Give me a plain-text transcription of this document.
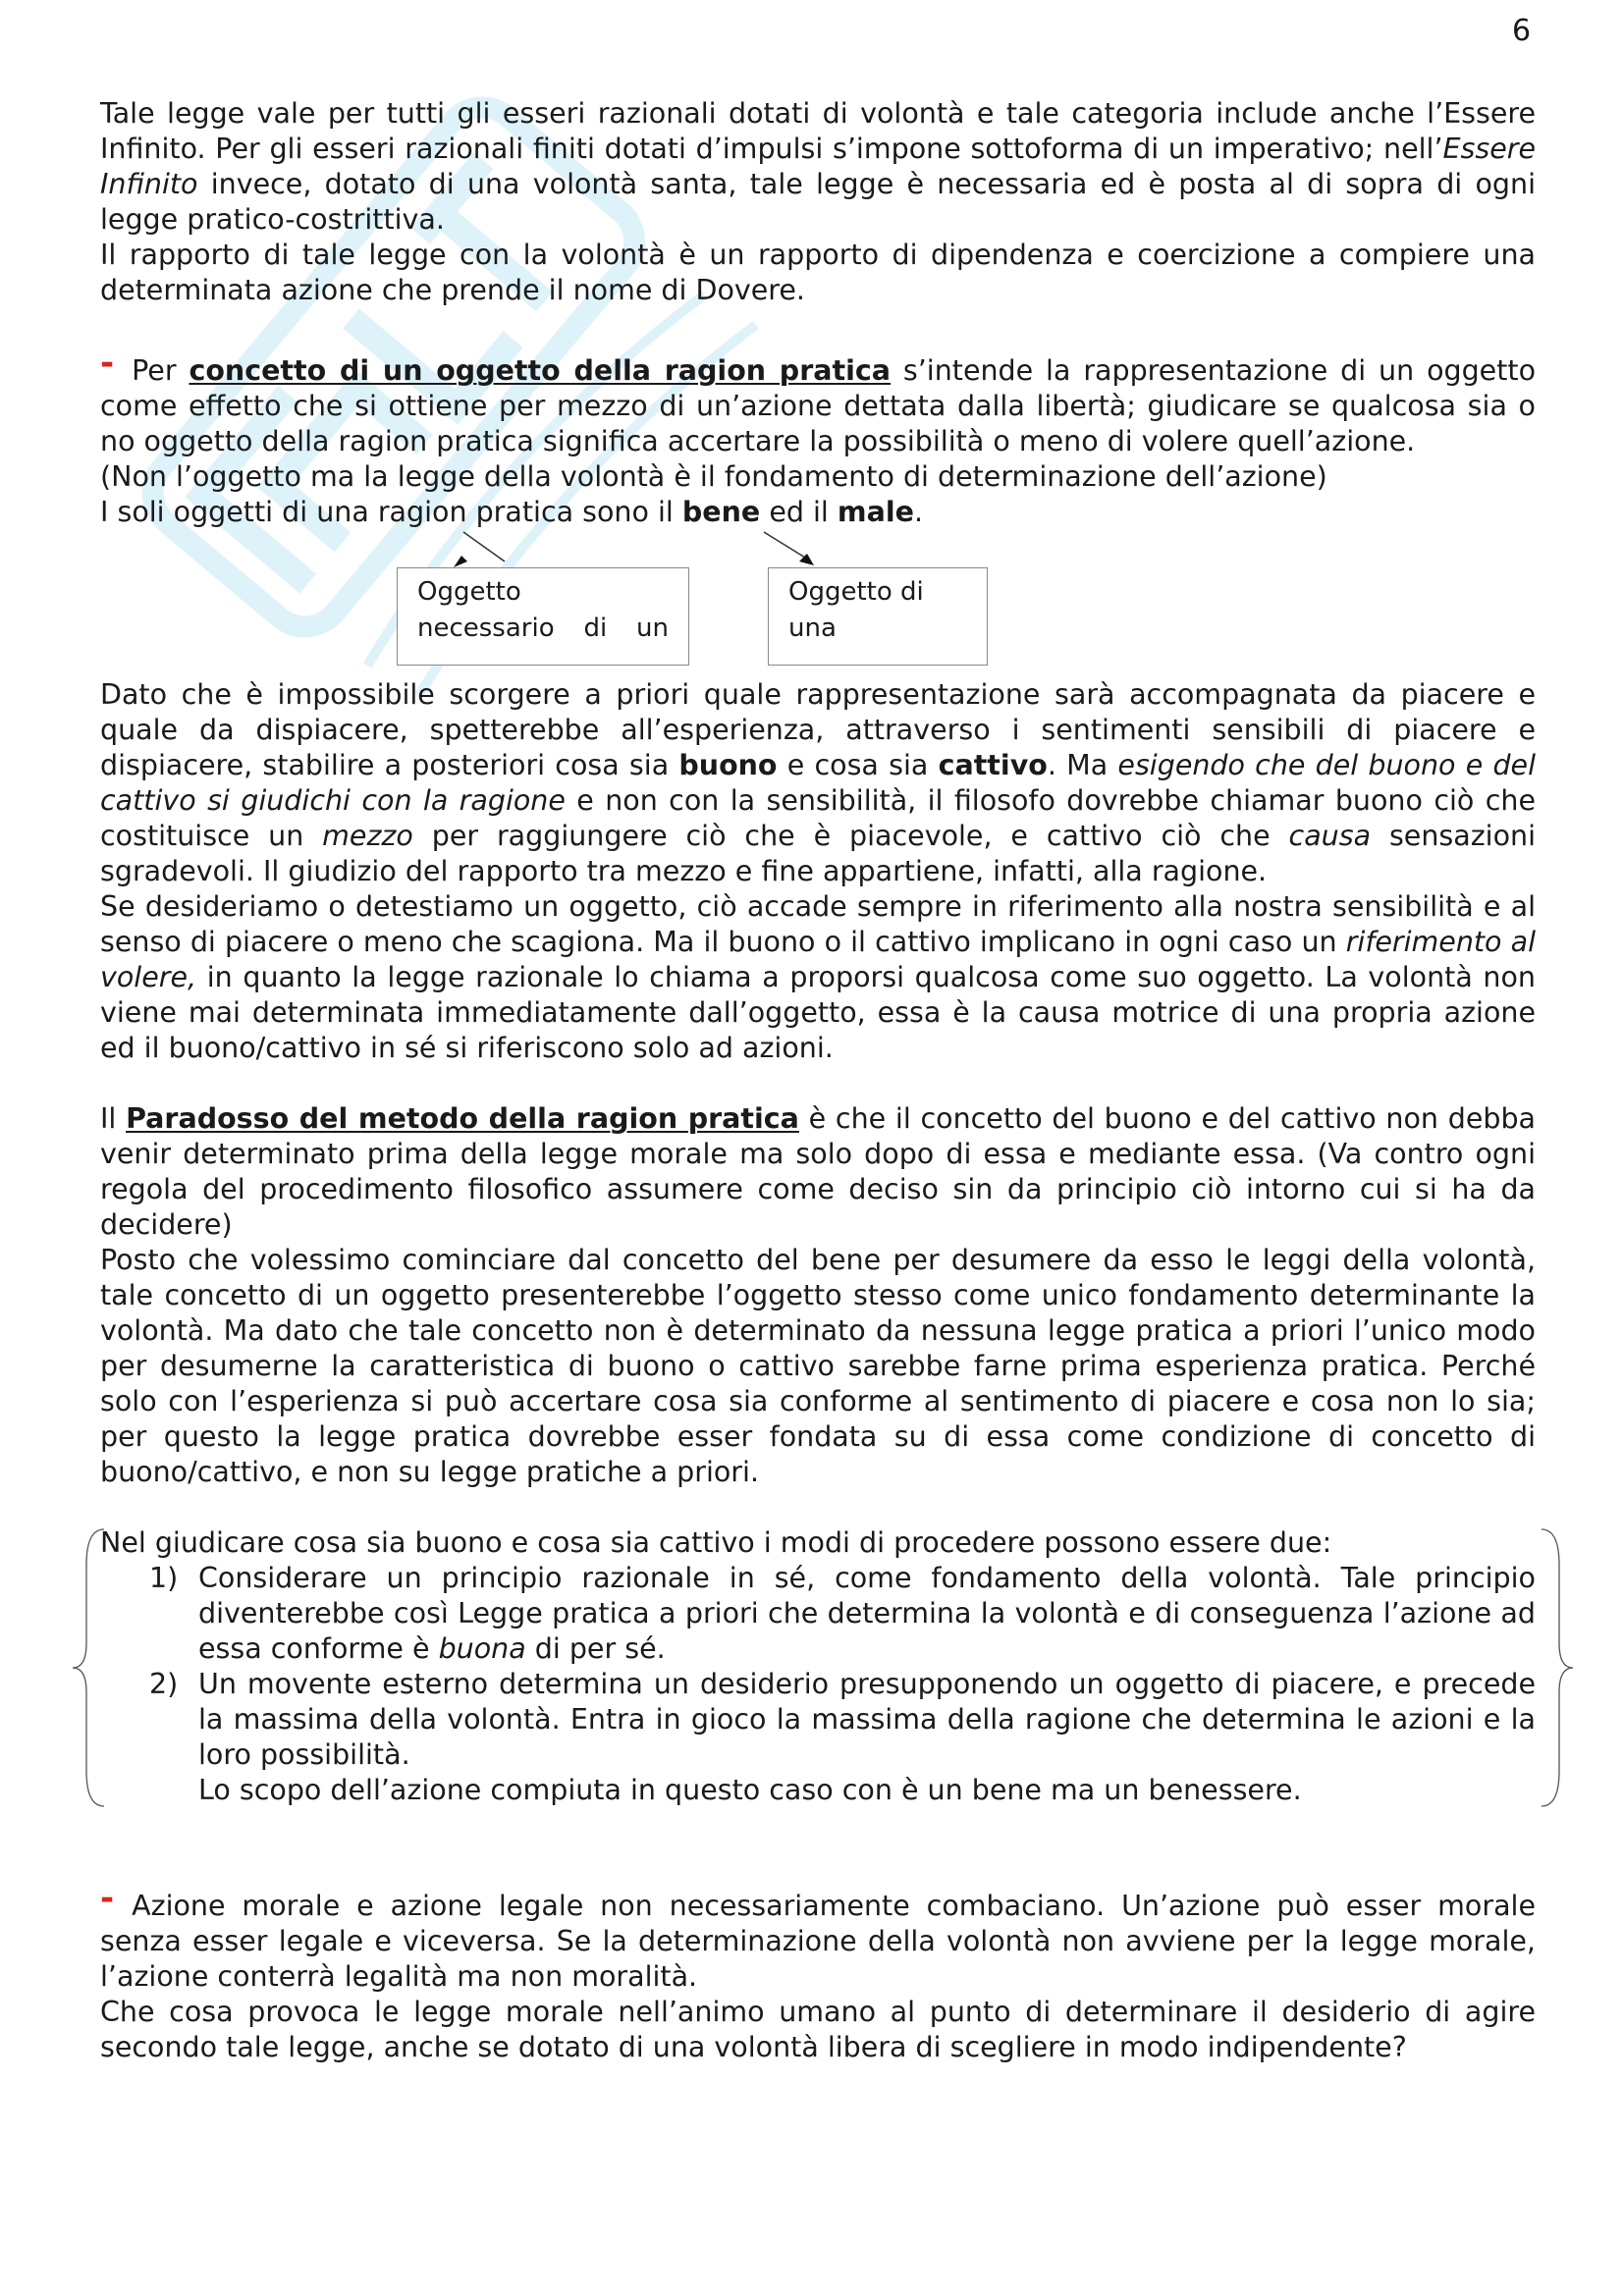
6

Tale legge vale per tutti gli esseri razionali dotati di volontà e tale categoria include anche l’Essere Infinito. Per gli esseri razionali finiti dotati d’impulsi s’impone sottoforma di un imperativo; nell’Essere Infinito invece, dotato di una volontà santa, tale legge è necessaria ed è posta al di sopra di ogni legge pratico-costrittiva.

Il rapporto di tale legge con la volontà è un rapporto di dipendenza e coercizione a compiere una determinata azione che prende il nome di Dovere.

- Per concetto di un oggetto della ragion pratica s’intende la rappresentazione di un oggetto come effetto che si ottiene per mezzo di un’azione dettata dalla libertà; giudicare se qualcosa sia o no oggetto della ragion pratica significa accertare la possibilità o meno di volere quell’azione.

(Non l’oggetto ma la legge della volontà è il fondamento di determinazione dell’azione)

I soli oggetti di una ragion pratica sono il bene ed il male.

Oggetto
necessario di un
Oggetto di
una

Dato che è impossibile scorgere a priori quale rappresentazione sarà accompagnata da piacere e quale da dispiacere, spetterebbe all’esperienza, attraverso i sentimenti sensibili di piacere e dispiacere, stabilire a posteriori cosa sia buono e cosa sia cattivo. Ma esigendo che del buono e del cattivo si giudichi con la ragione e non con la sensibilità, il filosofo dovrebbe chiamar buono ciò che costituisce un mezzo per raggiungere ciò che è piacevole, e cattivo ciò che causa sensazioni sgradevoli. Il giudizio del rapporto tra mezzo e fine appartiene, infatti, alla ragione.

Se desideriamo o detestiamo un oggetto, ciò accade sempre in riferimento alla nostra sensibilità e al senso di piacere o meno che scagiona. Ma il buono o il cattivo implicano in ogni caso un riferimento al volere, in quanto la legge razionale lo chiama a proporsi qualcosa come suo oggetto. La volontà non viene mai determinata immediatamente dall’oggetto, essa è la causa motrice di una propria azione ed il buono/cattivo in sé si riferiscono solo ad azioni.

Il Paradosso del metodo della ragion pratica è che il concetto del buono e del cattivo non debba venir determinato prima della legge morale ma solo dopo di essa e mediante essa. (Va contro ogni regola del procedimento filosofico assumere come deciso sin da principio ciò intorno cui si ha da decidere)

Posto che volessimo cominciare dal concetto del bene per desumere da esso le leggi della volontà, tale concetto di un oggetto presenterebbe l’oggetto stesso come unico fondamento determinante la volontà. Ma dato che tale concetto non è determinato da nessuna legge pratica a priori l’unico modo per desumerne la caratteristica di buono o cattivo sarebbe farne prima esperienza pratica. Perché solo con l’esperienza si può accertare cosa sia conforme al sentimento di piacere e cosa non lo sia; per questo la legge pratica dovrebbe esser fondata su di essa come condizione di concetto di buono/cattivo, e non su legge pratiche a priori.

Nel giudicare cosa sia buono e cosa sia cattivo i modi di procedere possono essere due:

1) Considerare un principio razionale in sé, come fondamento della volontà. Tale principio diventerebbe così Legge pratica a priori che determina la volontà e di conseguenza l’azione ad essa conforme è buona di per sé.
2) Un movente esterno determina un desiderio presupponendo un oggetto di piacere, e precede la massima della volontà. Entra in gioco la massima della ragione che determina le azioni e la loro possibilità.
Lo scopo dell’azione compiuta in questo caso con è un bene ma un benessere.

- Azione morale e azione legale non necessariamente combaciano. Un’azione può esser morale senza esser legale e viceversa. Se la determinazione della volontà non avviene per la legge morale, l’azione conterrà legalità ma non moralità.

Che cosa provoca le legge morale nell’animo umano al punto di determinare il desiderio di agire secondo tale legge, anche se dotato di una volontà libera di scegliere in modo indipendente?
